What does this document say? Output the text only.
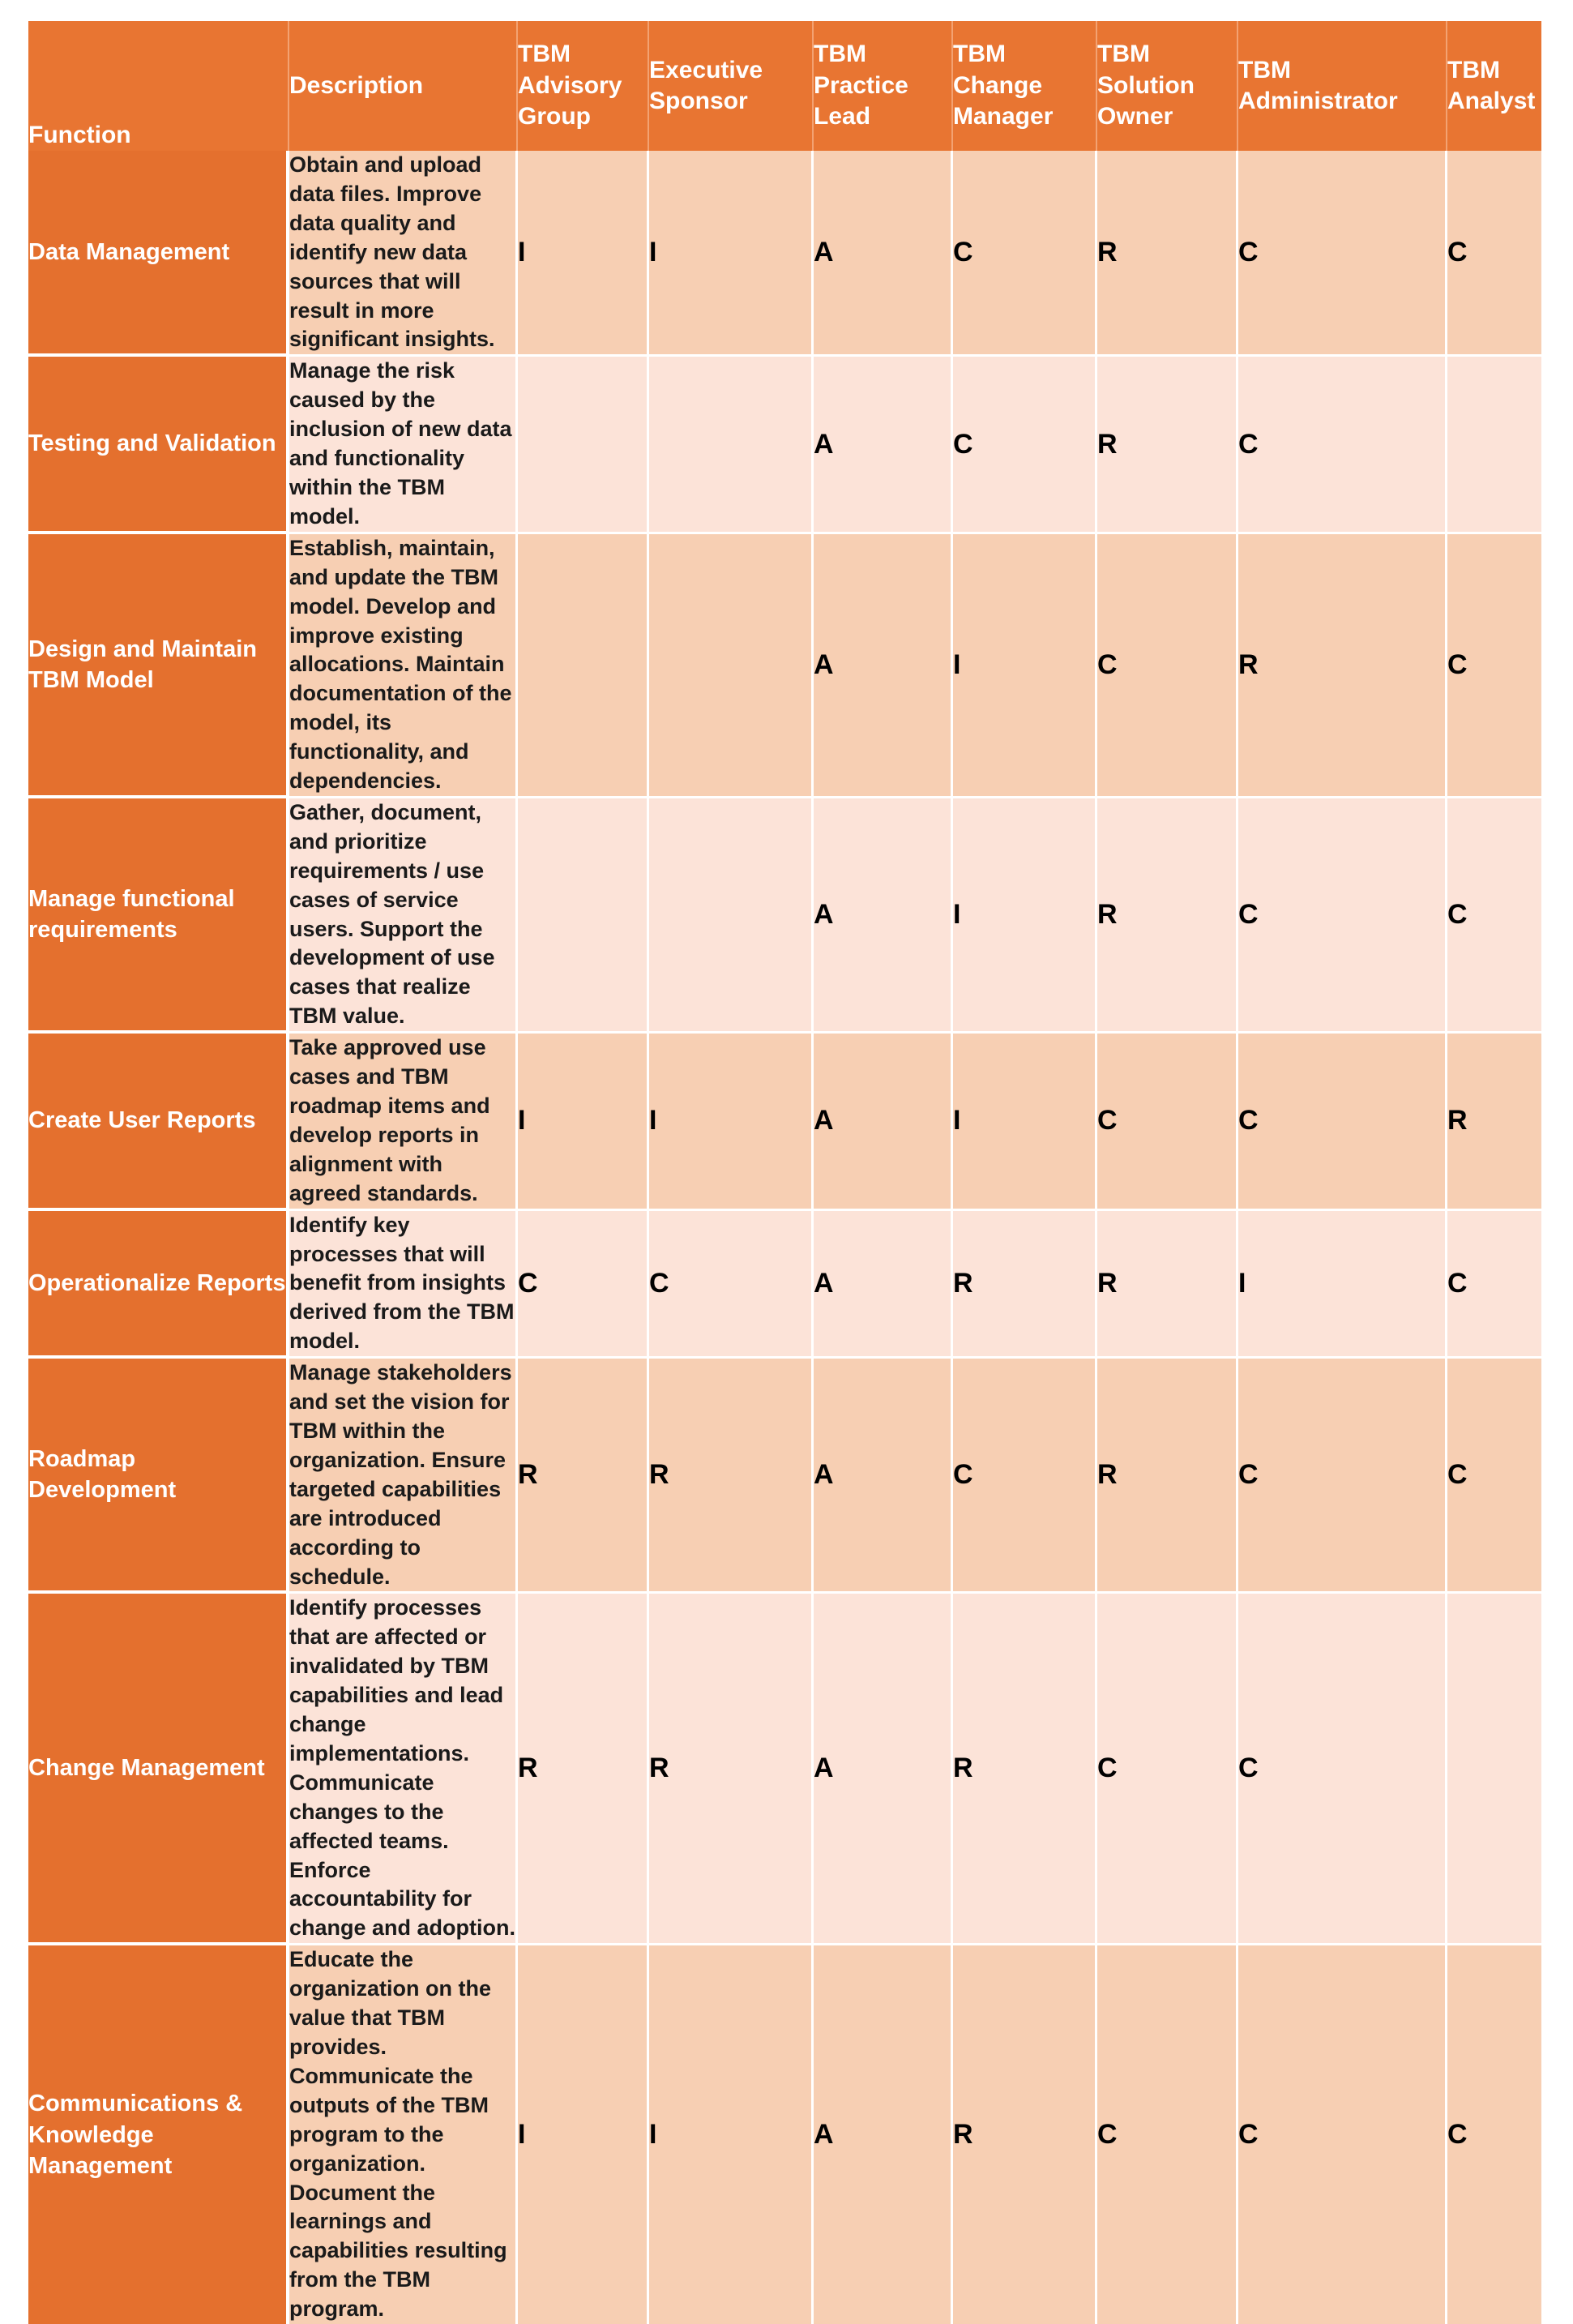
Function	Description	TBM Advisory Group	Executive Sponsor	TBM Practice Lead	TBM Change Manager	TBM Solution Owner	TBM Administrator	TBM Analyst
Data Management	Obtain and upload data files. Improve data quality and identify new data sources that will result in more significant insights.	I	I	A	C	R	C	C
Testing and Validation	Manage the risk caused by the inclusion of new data and functionality within the TBM model.			A	C	R	C	
Design and Maintain TBM Model	Establish, maintain, and update the TBM model. Develop and improve existing allocations. Maintain documentation of the model, its functionality, and dependencies.			A	I	C	R	C
Manage functional requirements	Gather, document, and prioritize requirements / use cases of service users. Support the development of use cases that realize TBM value.			A	I	R	C	C
Create User Reports	Take approved use cases and TBM roadmap items and develop reports in alignment with agreed standards.	I	I	A	I	C	C	R
Operationalize Reports	Identify key processes that will benefit from insights derived from the TBM model.	C	C	A	R	R	I	C
Roadmap Development	Manage stakeholders and set the vision for TBM within the organization. Ensure targeted capabilities are introduced according to schedule.	R	R	A	C	R	C	C
Change Management	Identify processes that are affected or invalidated by TBM capabilities and lead change implementations. Communicate changes to the affected teams. Enforce accountability for change and adoption.	R	R	A	R	C	C	
Communications & Knowledge Management	Educate the organization on the value that TBM provides. Communicate the outputs of the TBM program to the organization. Document the learnings and capabilities resulting from the TBM program.	I	I	A	R	C	C	C
